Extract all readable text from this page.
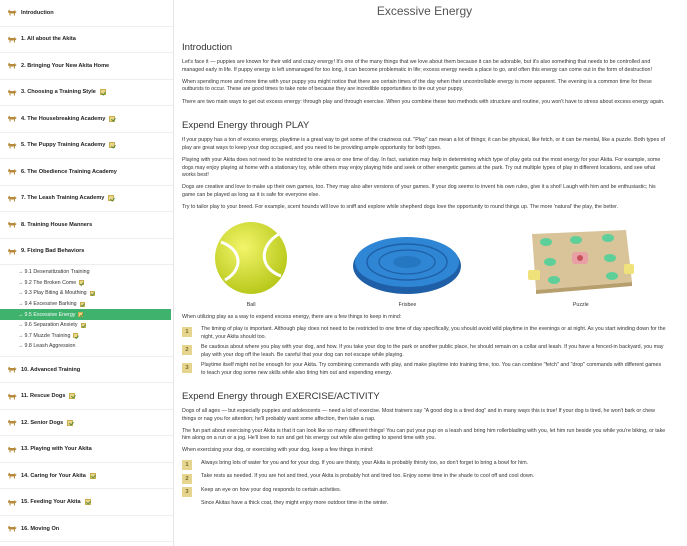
Introduction
1. All about the Akita
2. Bringing Your New Akita Home
3. Choosing a Training Style
4. The Housebreaking Academy
5. The Puppy Training Academy
6. The Obedience Training Academy
7. The Leash Training Academy
8. Training House Manners
9. Fixing Bad Behaviors
→ 9.1 Desensitization Training
→ 9.2 The Broken Come
→ 9.3 Play Biting & Mouthing
→ 9.4 Excessive Barking
→ 9.5 Excessive Energy
→ 9.6 Separation Anxiety
→ 9.7 Muzzle Training
→ 9.8 Leash Aggression
10. Advanced Training
11. Rescue Dogs
12. Senior Dogs
13. Playing with Your Akita
14. Caring for Your Akita
15. Feeding Your Akita
16. Moving On
Excessive Energy
Introduction

Let's face it — puppies are known for their wild and crazy energy! It's one of the many things that we love about them because it can be adorable, but it's also something that needs to be controlled and managed early in life. If puppy energy is left unmanaged for too long, it can become problematic in life; excess energy needs a place to go, and often this energy can come out in the form of destruction!

When spending more and more time with your puppy you might notice that there are certain times of the day when their uncontrollable energy is more apparent. The evening is a common time for these outbursts to occur. These are good times to take note of because they are incredible opportunities to tire out your puppy.

There are two main ways to get out excess energy: through play and through exercise. When you combine these two methods with structure and routine, you won't have to stress about excess energy again.

Expend Energy through PLAY

If your puppy has a ton of excess energy, playtime is a great way to get some of the craziness out. "Play" can mean a lot of things; it can be physical, like fetch, or it can be mental, like a puzzle. Both types of play are great ways to keep your dog occupied, and you need to be providing ample opportunity for both types.

Playing with your Akita does not need to be restricted to one area or one time of day. In fact, variation may help in determining which type of play gets out the most energy for your Akita. For example, some dogs may enjoy playing at home with a stationary toy, while others may enjoy playing hide and seek or other energetic games at the park. Try out multiple types of play in different locations, and see what works best!

Dogs are creative and love to make up their own games, too. They may also alter versions of your games. If your dog seems to invent his own rules, give it a shot! Laugh with him and be enthusiastic; his game can be played as long as it is safe for everyone else.

Try to tailor play to your breed. For example, scent hounds will love to sniff and explore while shepherd dogs love the opportunity to round things up. The more 'natural' the play, the better.

Ball	Frisbee	Puzzle

When utilizing play as a way to expend excess energy, there are a few things to keep in mind:

1	The timing of play is important. Although play does not need to be restricted to one time of day specifically, you should avoid wild playtime in the evenings or at night. As you start winding down for the night, your Akita should too.
2	Be cautious about where you play with your dog, and how. If you take your dog to the park or another public place, he should remain on a collar and leash. If you have a fenced-in backyard, you may play with your dog off the leash. Be careful that your dog can not escape while playing.
3	Playtime itself might not be enough for your Akita. Try combining commands with play, and make playtime into training time, too. You can combine "fetch" and "drop" commands with different games to teach your dog some new skills while also tiring him out and expending energy.
Expend Energy through EXERCISE/ACTIVITY

Dogs of all ages — but especially puppies and adolescents — need a lot of exercise. Most trainers say "A good dog is a tired dog" and in many ways this is true! If your dog is tired, he won't bark or chew things or nag you for attention; he'll probably want some affection, then take a nap.

The fun part about exercising your Akita is that it can look like so many different things! You can put your pup on a leash and bring him rollerblading with you, let him run beside you while you're biking, or take him along on a run or a jog. He'll love to run and get his energy out while also getting to spend time with you.

When exercising your dog, or exercising with your dog, keep a few things in mind:

1	Always bring lots of water for you and for your dog. If you are thirsty, your Akita is probably thirsty too, so don't forget to bring a bowl for him.
2	Take rests as needed. If you are hot and tired, your Akita is probably hot and tired too. Enjoy some time in the shade to cool off and cool down.
3	Keep an eye on how your dog responds to certain activities.
Since Akitas have a thick coat, they might enjoy more outdoor time in the winter.
